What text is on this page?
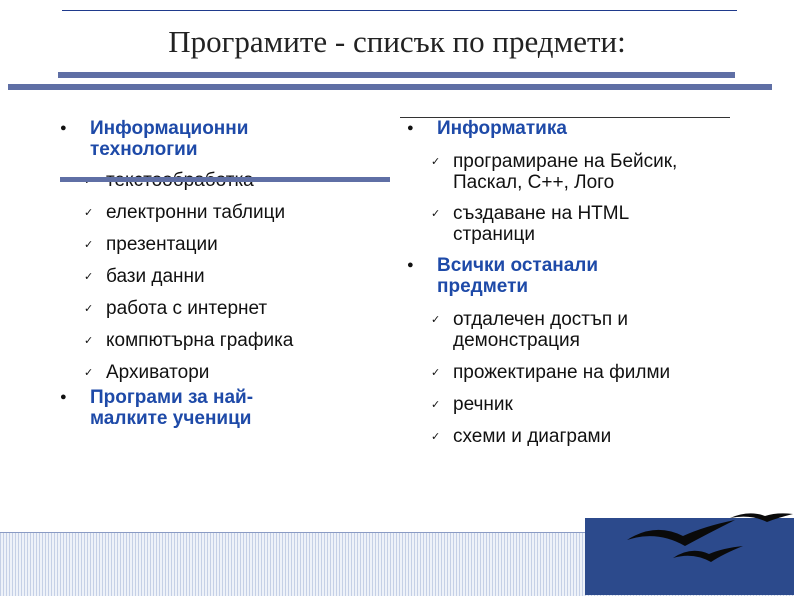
Програмите - списък по предмети:
● Информационни технологии
✓ електронни таблици
✓ презентации
✓ бази данни
✓ работа с интернет
✓ компютърна графика
✓ Архиватори
● Програми за най-малките ученици
● Информатика
✓ програмиране на Бейсик, Паскал, С++, Лого
✓ създаване на HTML страници
● Всички останали предмети
✓ отдалечен достъп и демонстрация
✓ прожектиране на филми
✓ речник
✓ схеми и диаграми
